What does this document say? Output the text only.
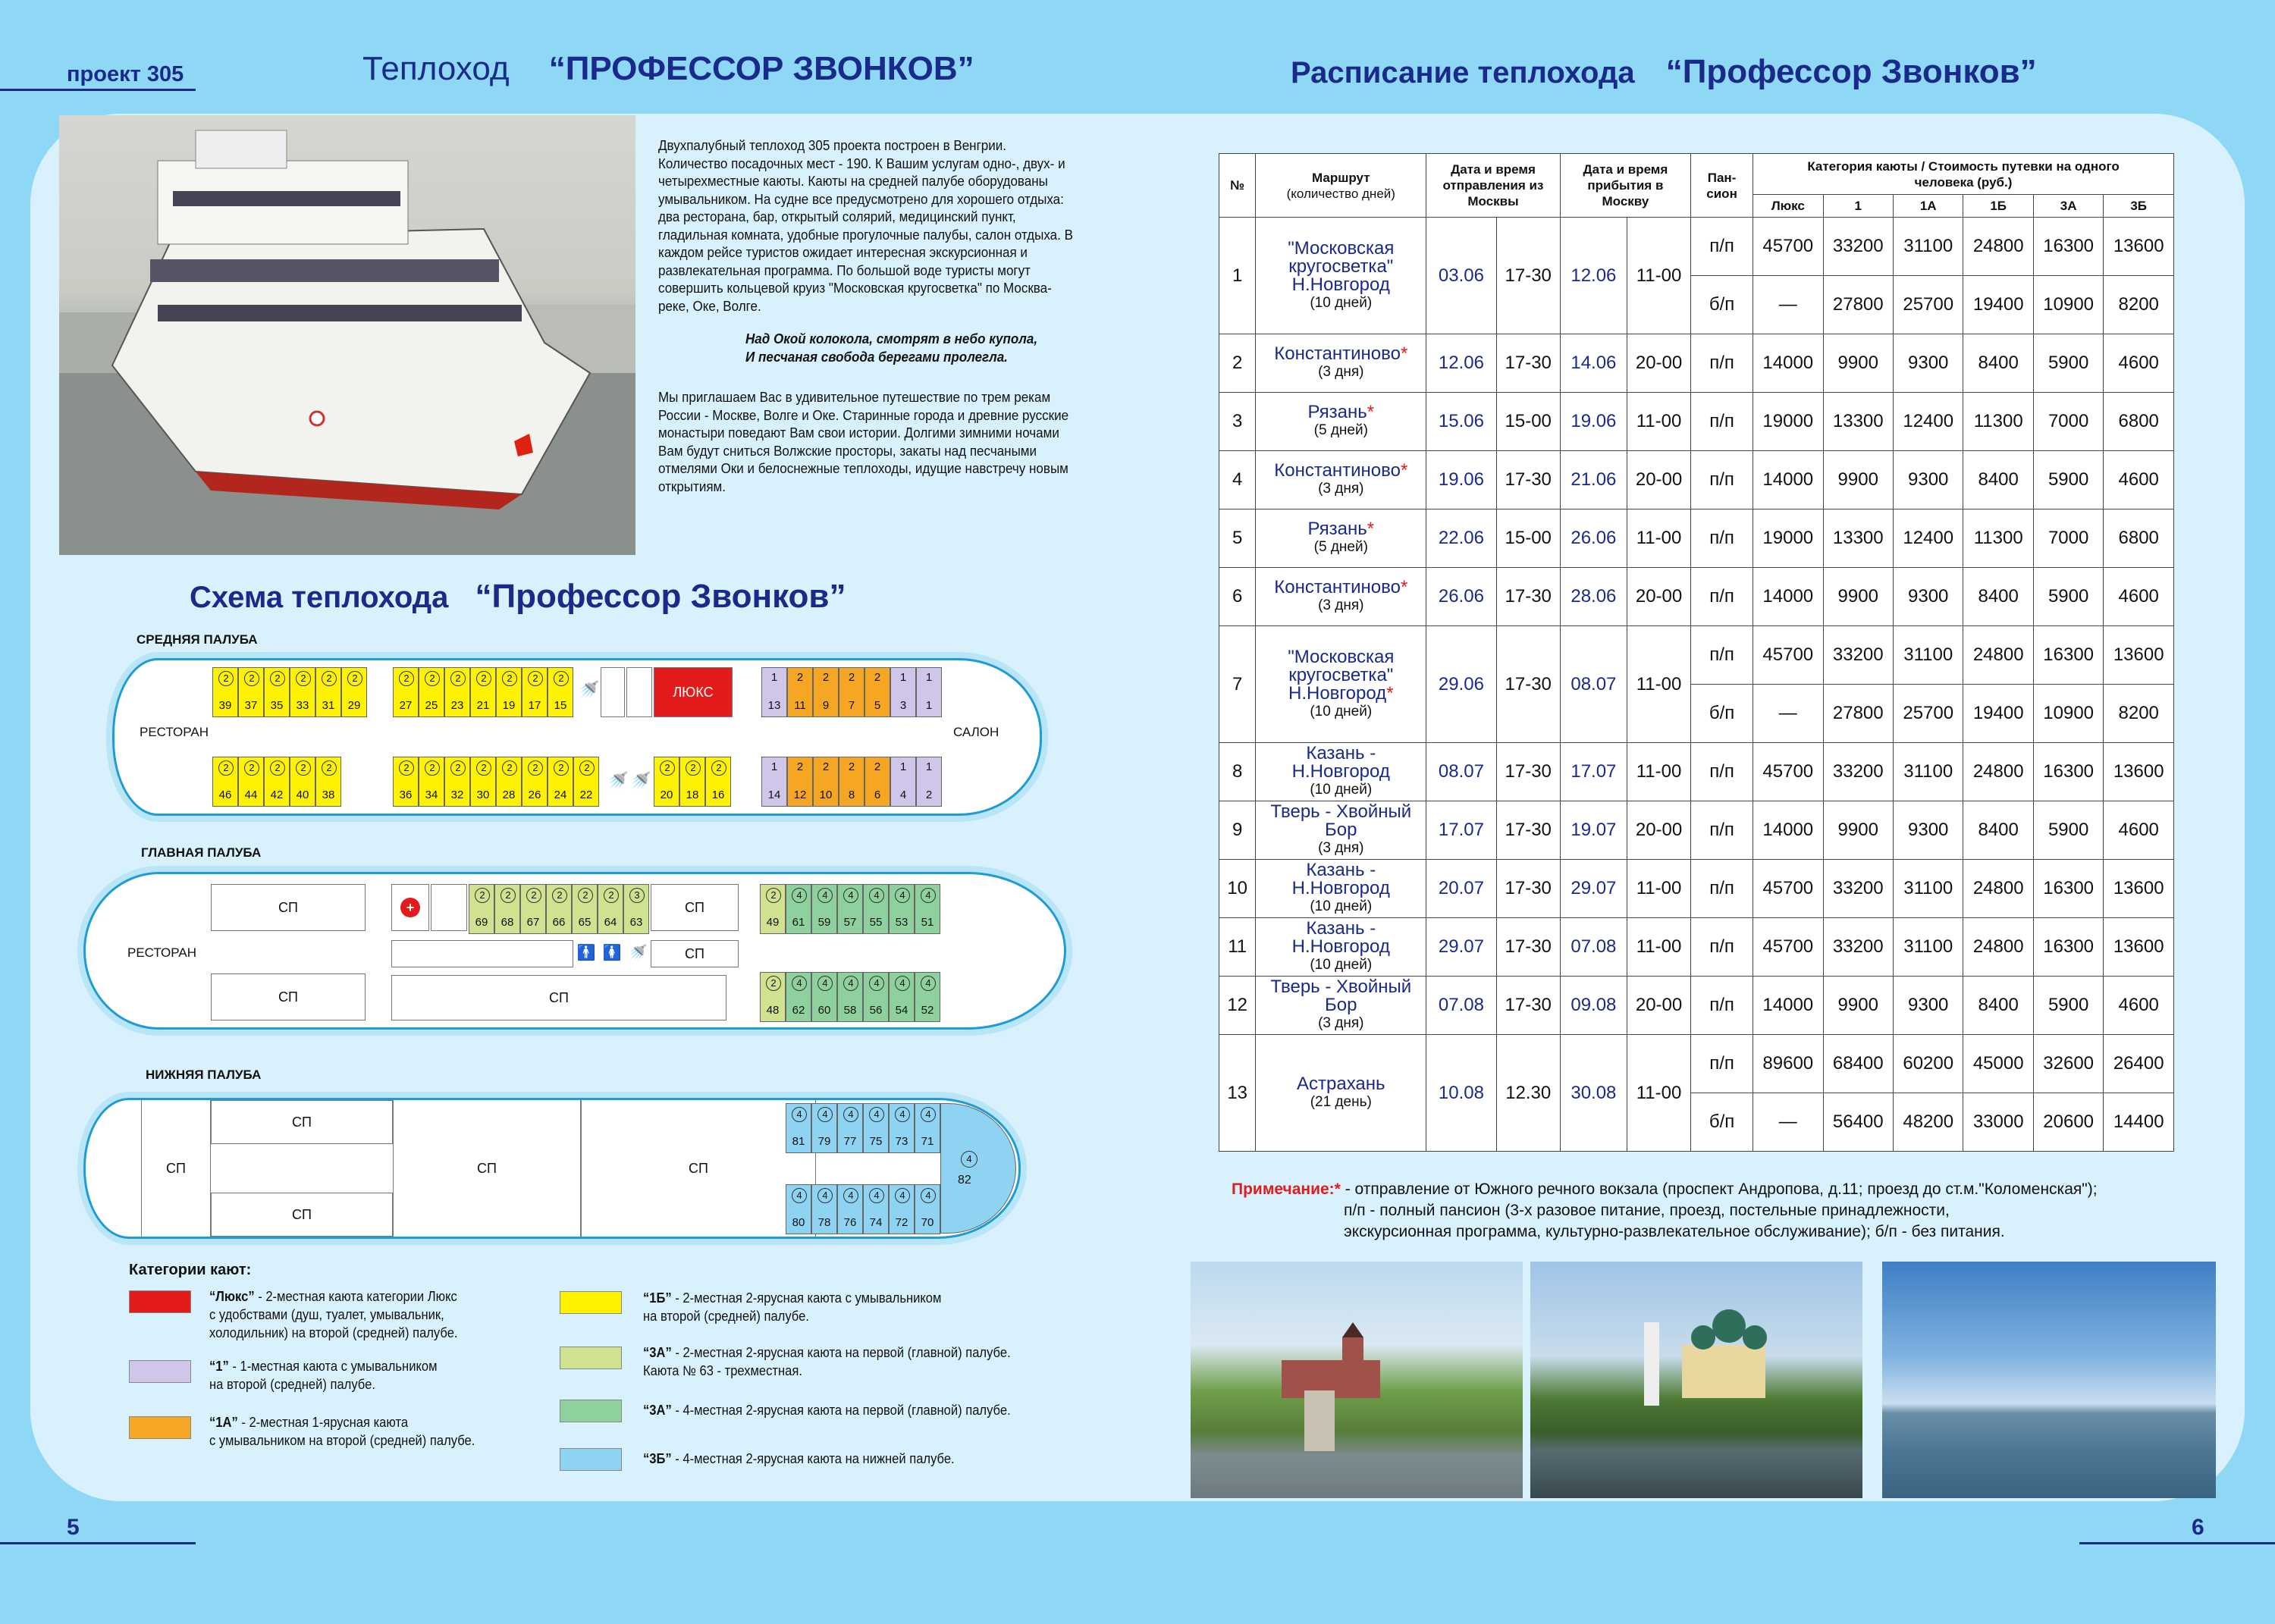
проект 305	Теплоход “ПРОФЕССОР ЗВОНКОВ”	Расписание теплохода “Профессор Звонков”

Двухпалубный теплоход 305 проекта построен в Венгрии. Количество посадочных мест - 190. К Вашим услугам одно-, двух- и четырехместные каюты. Каюты на средней палубе оборудованы умывальником. На судне все предусмотрено для хорошего отдыха: два ресторана, бар, открытый солярий, медицинский пункт, гладильная комната, удобные прогулочные палубы, салон отдыха. В каждом рейсе туристов ожидает интересная экскурсионная и развлекательная программа. По большой воде туристы могут совершить кольцевой круиз "Московская кругосветка" по Москва-реке, Оке, Волге.

Над Окой колокола, смотрят в небо купола,
И песчаная свобода берегами пролегла.

Мы приглашаем Вас в удивительное путешествие по трем рекам России - Москве, Волге и Оке. Старинные города и древние русские монастыри поведают Вам свои истории. Долгими зимними ночами Вам будут сниться Волжские просторы, закаты над песчаными отмелями Оки и белоснежные теплоходы, идущие навстречу новым открытиям.

Схема теплохода “Профессор Звонков”
СРЕДНЯЯ ПАЛУБА
РЕСТОРАН	САЛОН
2
39
2
37
2
35
2
33
2
31
2
29
2
27
2
25
2
23
2
21
2
19
2
17
2
15
🚿	ЛЮКС
1
13
2
11
2
9
2
7
2
5
1
3
1
1
2
46
2
44
2
42
2
40
2
38
2
36
2
34
2
32
2
30
2
28
2
26
2
24
2
22
🚿 🚿
2
20
2
18
2
16
1
14
2
12
2
10
2
8
2
6
1
4
1
2
ГЛАВНАЯ ПАЛУБА
РЕСТОРАН
СП
СП
+
2
69
2
68
2
67
2
66
2
65
2
64
3
63
СП
🚹 🚺 🚿	СП
СП
2
49
4
61
4
59
4
57
4
55
4
53
4
51
2
48
4
62
4
60
4
58
4
56
4
54
4
52
НИЖНЯЯ ПАЛУБА
СП
СП
СП
СП	СП
4
81
4
79
4
77
4
75
4
73
4
71
4
80
4
78
4
76
4
74
4
72
4
70
4
82
Категории кают:
“Люкс” - 2-местная каюта категории Люкс
с удобствами (душ, туалет, умывальник,
холодильник) на второй (средней) палубе.
“1” - 1-местная каюта с умывальником
на второй (средней) палубе.
“1А” - 2-местная 1-ярусная каюта
с умывальником на второй (средней) палубе.
“1Б” - 2-местная 2-ярусная каюта с умывальником
на второй (средней) палубе.
“3А” - 2-местная 2-ярусная каюта на первой (главной) палубе.
Каюта № 63 - трехместная.
“3А” - 4-местная 2-ярусная каюта на первой (главной) палубе.
“3Б” - 4-местная 2-ярусная каюта на нижней палубе.
№	Маршрут
(количество дней)	Дата и время отправления из Москвы		Дата и время прибытия в Москву		Пан- сион	Категория каюты / Стоимость путевки на одного человека (руб.)					
							Люкс	1	1А	1Б	3А	3Б
1	"Московская кругосветка" Н.Новгород
(10 дней)	03.06	17-30	12.06	11-00	п/п	45700	33200	31100	24800	16300	13600
						б/п	—	27800	25700	19400	10900	8200
2	Константиново*
(3 дня)	12.06	17-30	14.06	20-00	п/п	14000	9900	9300	8400	5900	4600
3	Рязань*
(5 дней)	15.06	15-00	19.06	11-00	п/п	19000	13300	12400	11300	7000	6800
4	Константиново*
(3 дня)	19.06	17-30	21.06	20-00	п/п	14000	9900	9300	8400	5900	4600
5	Рязань*
(5 дней)	22.06	15-00	26.06	11-00	п/п	19000	13300	12400	11300	7000	6800
6	Константиново*
(3 дня)	26.06	17-30	28.06	20-00	п/п	14000	9900	9300	8400	5900	4600
7	"Московская кругосветка" Н.Новгород*
(10 дней)	29.06	17-30	08.07	11-00	п/п	45700	33200	31100	24800	16300	13600
						б/п	—	27800	25700	19400	10900	8200
8	Казань - Н.Новгород
(10 дней)	08.07	17-30	17.07	11-00	п/п	45700	33200	31100	24800	16300	13600
9	Тверь - Хвойный Бор
(3 дня)	17.07	17-30	19.07	20-00	п/п	14000	9900	9300	8400	5900	4600
10	Казань - Н.Новгород
(10 дней)	20.07	17-30	29.07	11-00	п/п	45700	33200	31100	24800	16300	13600
11	Казань - Н.Новгород
(10 дней)	29.07	17-30	07.08	11-00	п/п	45700	33200	31100	24800	16300	13600
12	Тверь - Хвойный Бор
(3 дня)	07.08	17-30	09.08	20-00	п/п	14000	9900	9300	8400	5900	4600
13	Астрахань
(21 день)	10.08	12.30	30.08	11-00	п/п	89600	68400	60200	45000	32600	26400
						б/п	—	56400	48200	33000	20600	14400
Примечание:* - отправление от Южного речного вокзала (проспект Андропова, д.11; проезд до ст.м."Коломенская");
п/п - полный пансион (3-х разовое питание, проезд, постельные принадлежности,
экскурсионная программа, культурно-развлекательное обслуживание); б/п - без питания.
5	6
